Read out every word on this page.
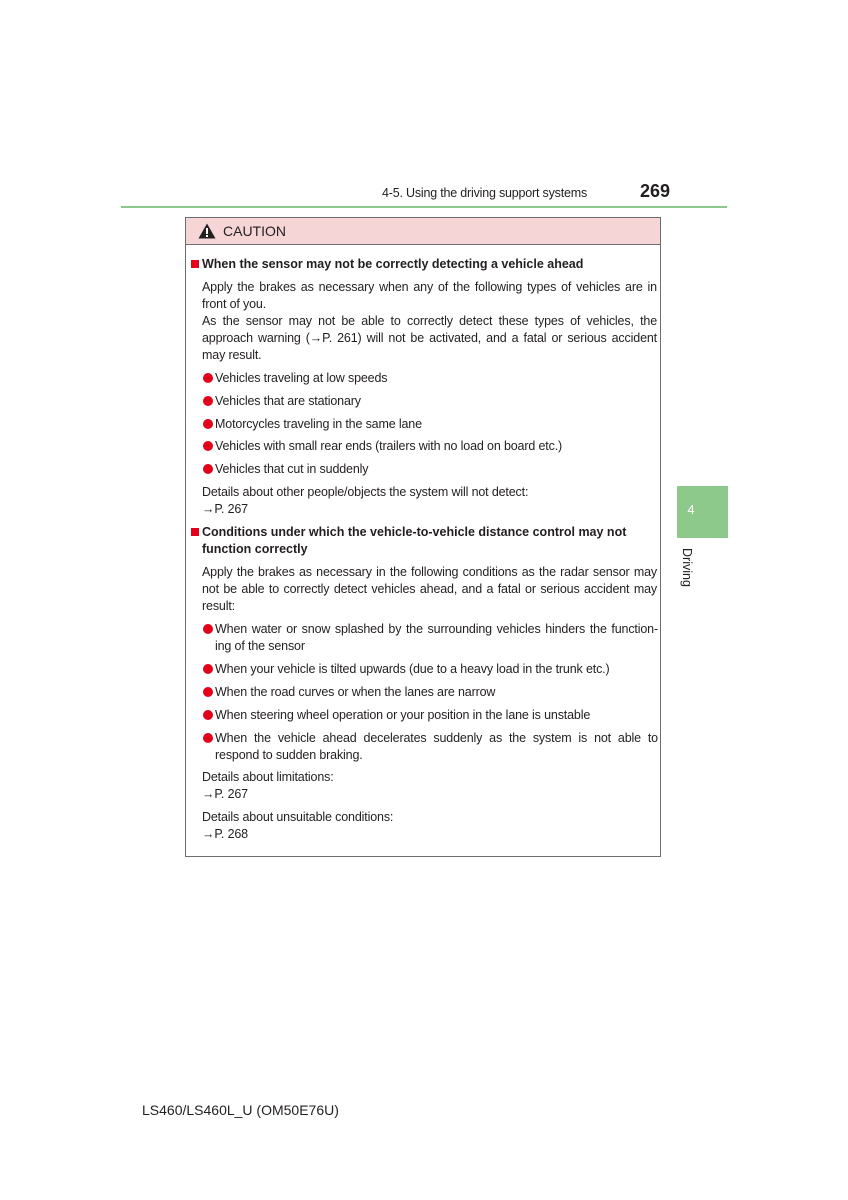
4-5. Using the driving support systems	269
4
Driving
CAUTION
When the sensor may not be correctly detecting a vehicle ahead
Apply the brakes as necessary when any of the following types of vehicles are in front of you.
As the sensor may not be able to correctly detect these types of vehicles, the approach warning (→P. 261) will not be activated, and a fatal or serious accident may result.
Vehicles traveling at low speeds
Vehicles that are stationary
Motorcycles traveling in the same lane
Vehicles with small rear ends (trailers with no load on board etc.)
Vehicles that cut in suddenly
Details about other people/objects the system will not detect:
→P. 267
Conditions under which the vehicle-to-vehicle distance control may not function correctly
Apply the brakes as necessary in the following conditions as the radar sensor may not be able to correctly detect vehicles ahead, and a fatal or serious accident may result:
When water or snow splashed by the surrounding vehicles hinders the function-ing of the sensor
When your vehicle is tilted upwards (due to a heavy load in the trunk etc.)
When the road curves or when the lanes are narrow
When steering wheel operation or your position in the lane is unstable
When the vehicle ahead decelerates suddenly as the system is not able to respond to sudden braking.
Details about limitations:
→P. 267
Details about unsuitable conditions:
→P. 268
LS460/LS460L_U (OM50E76U)
